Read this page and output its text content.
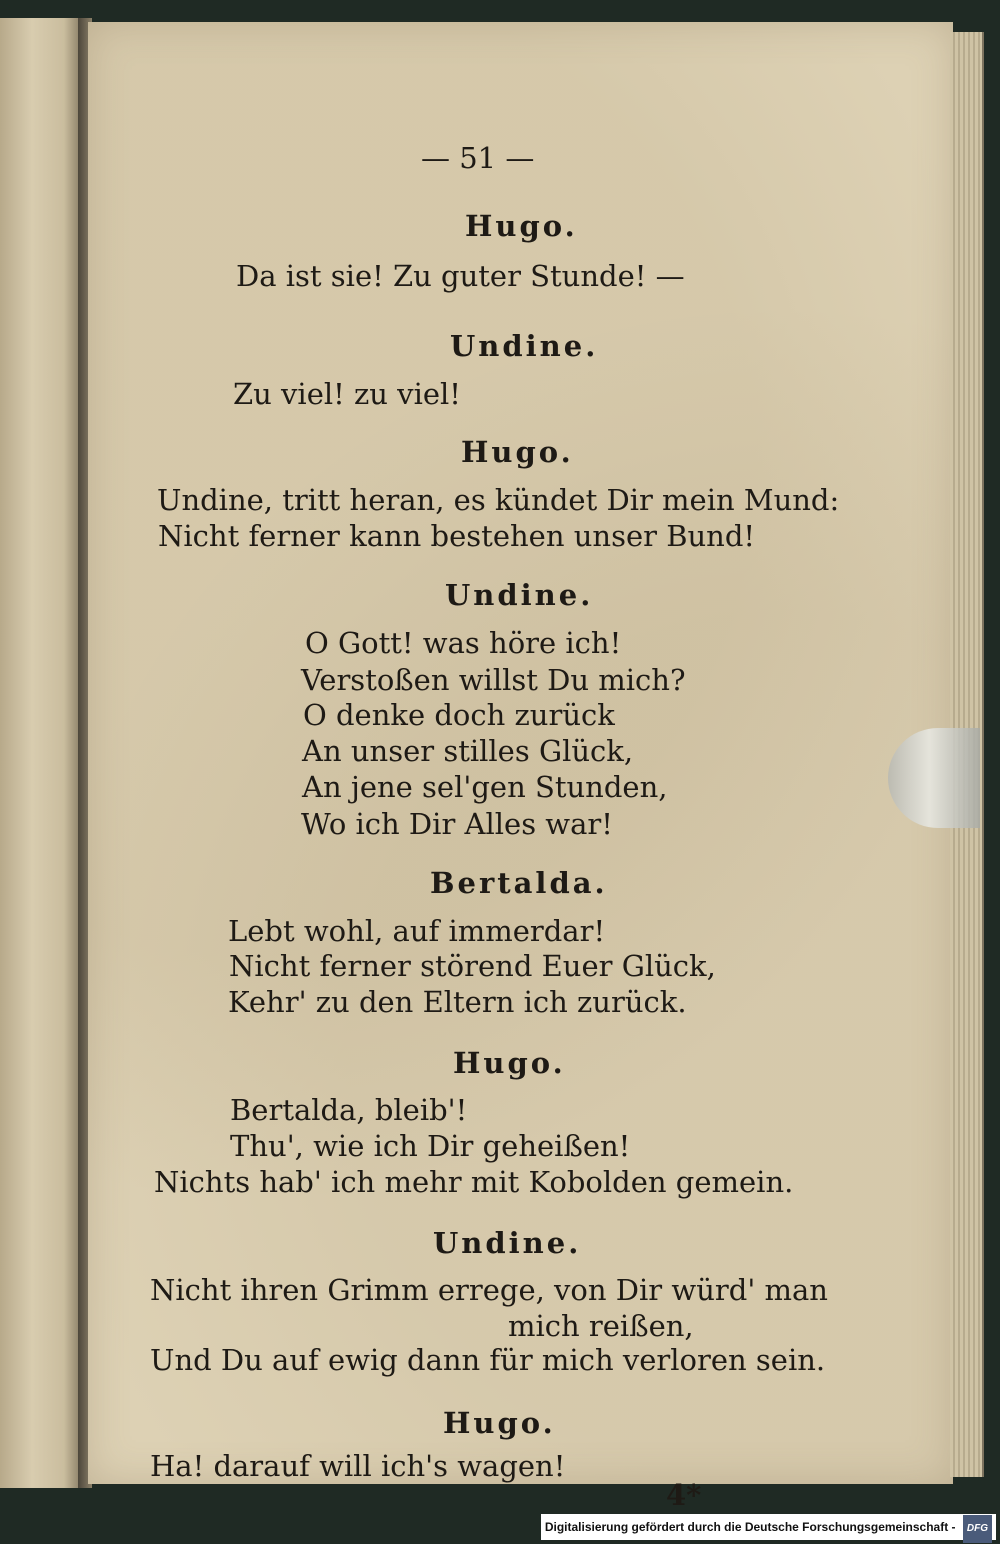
— 51 —
Hugo.
Da ist sie! Zu guter Stunde! —
Undine.
Zu viel! zu viel!
Hugo.
Undine, tritt heran, es kündet Dir mein Mund:
Nicht ferner kann bestehen unser Bund!
Undine.
O Gott! was höre ich!
Verstoßen willst Du mich?
O denke doch zurück
An unser stilles Glück,
An jene sel'gen Stunden,
Wo ich Dir Alles war!
Bertalda.
Lebt wohl, auf immerdar!
Nicht ferner störend Euer Glück,
Kehr' zu den Eltern ich zurück.
Hugo.
Bertalda, bleib'!
Thu', wie ich Dir geheißen!
Nichts hab' ich mehr mit Kobolden gemein.
Undine.
Nicht ihren Grimm errege, von Dir würd' man
mich reißen,
Und Du auf ewig dann für mich verloren sein.
Hugo.
Ha! darauf will ich's wagen!
4*
Digitalisierung gefördert durch die Deutsche Forschungsgemeinschaft - DFG
